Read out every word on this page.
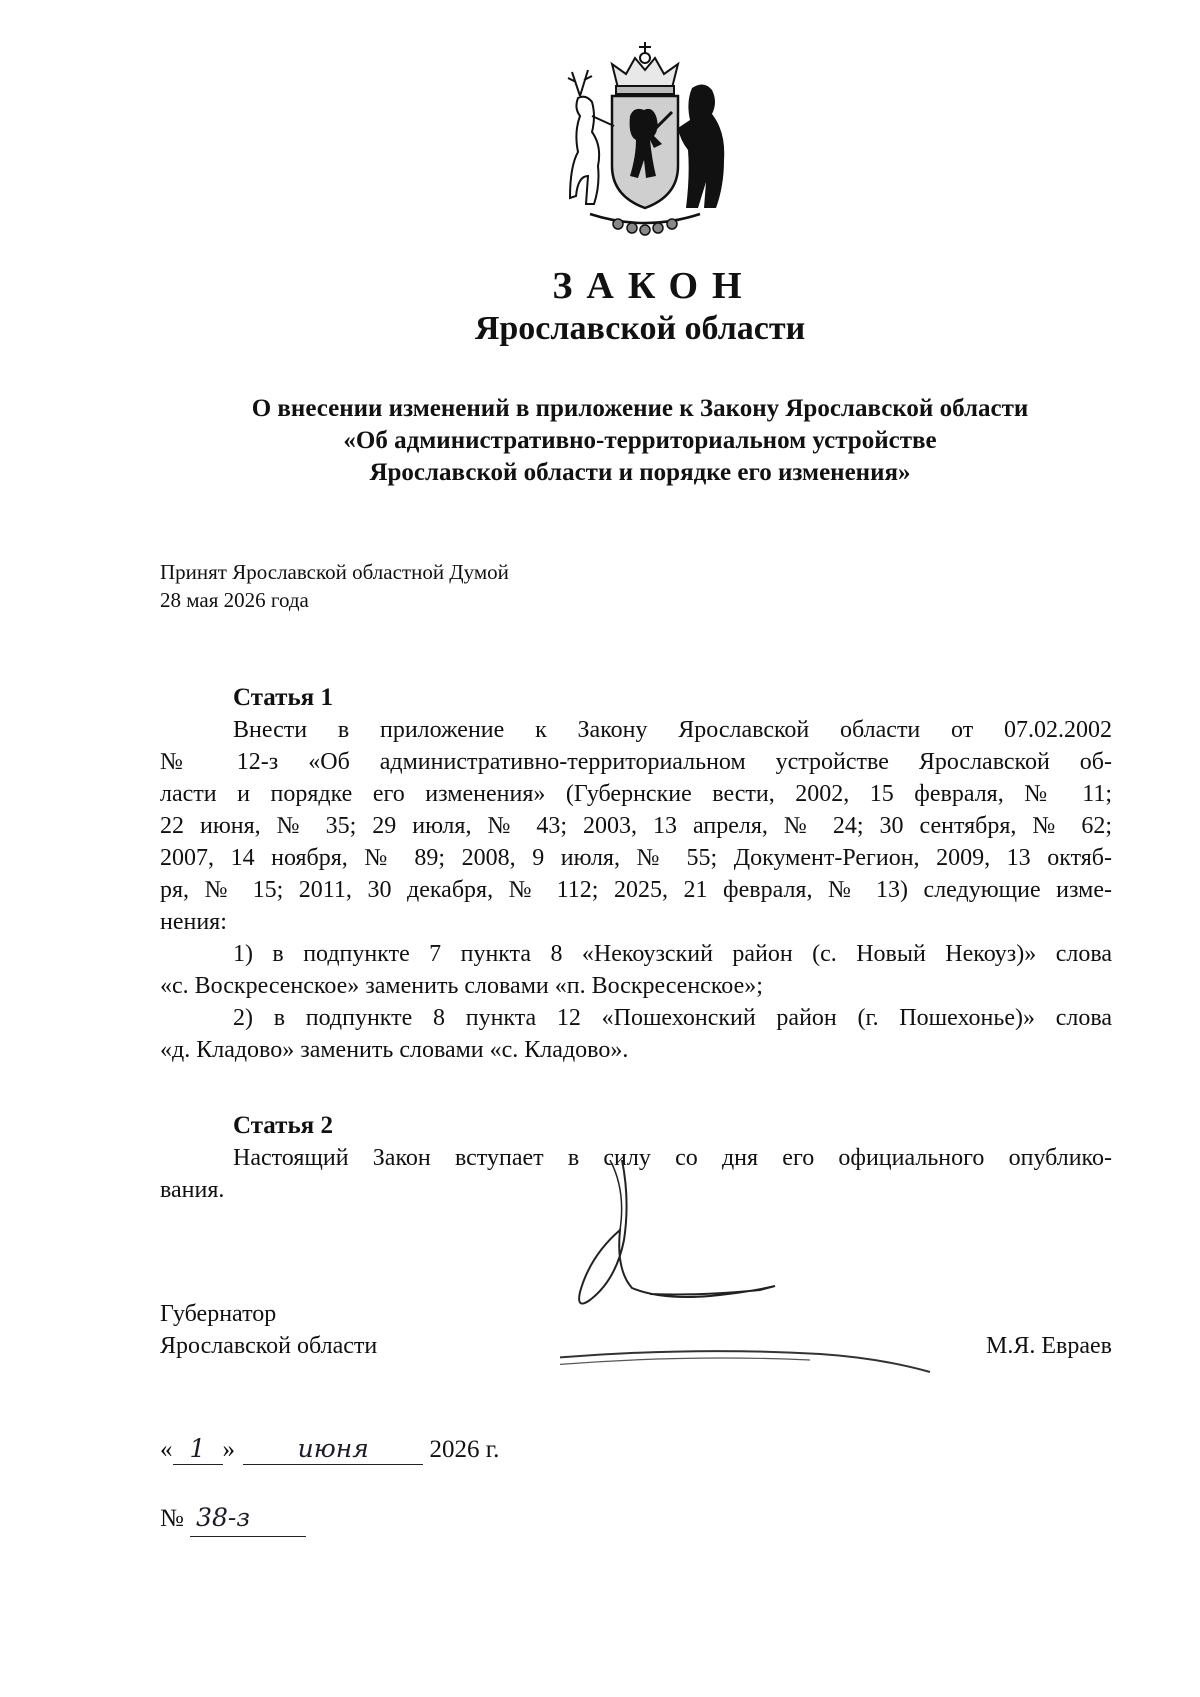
ЗАКОН
Ярославской области
О внесении изменений в приложение к Закону Ярославской области
«Об административно-территориальном устройстве
Ярославской области и порядке его изменения»
Принят Ярославской областной Думой
28 мая 2026 года
Статья 1
Внести в приложение к Закону Ярославской области от 07.02.2002
№ 12-з «Об административно-территориальном устройстве Ярославской об-
ласти и порядке его изменения» (Губернские вести, 2002, 15 февраля, № 11;
22 июня, № 35; 29 июля, № 43; 2003, 13 апреля, № 24; 30 сентября, № 62;
2007, 14 ноября, № 89; 2008, 9 июля, № 55; Документ-Регион, 2009, 13 октяб-
ря, № 15; 2011, 30 декабря, № 112; 2025, 21 февраля, № 13) следующие изме-
нения:
1) в подпункте 7 пункта 8 «Некоузский район (с. Новый Некоуз)» слова
«с. Воскресенское» заменить словами «п. Воскресенское»;
2) в подпункте 8 пункта 12 «Пошехонский район (г. Пошехонье)» слова
«д. Кладово» заменить словами «с. Кладово».
Статья 2
Настоящий Закон вступает в силу со дня его официального опублико-
вания.
Губернатор
Ярославской области	М.Я. Евраев
« 1 »	июня 2026 г.
№ 38-з
